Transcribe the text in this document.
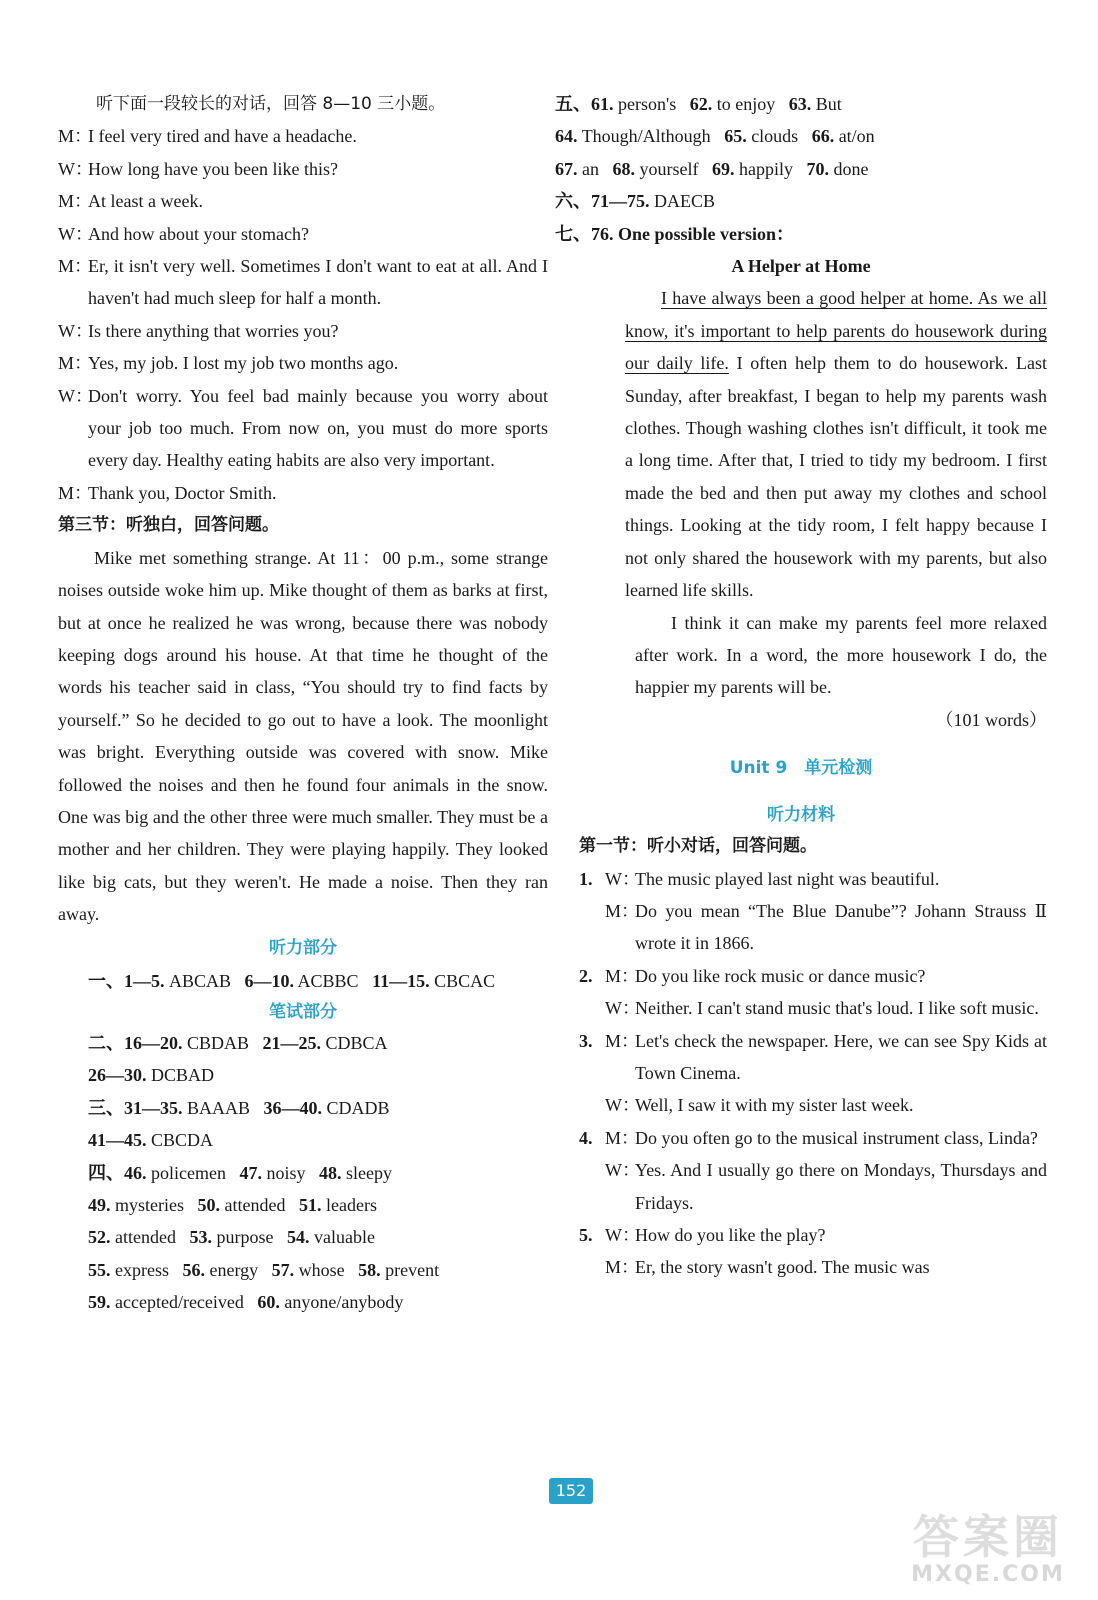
听下面一段较长的对话，回答 8—10 三小题。
M：
I feel very tired and have a headache.
W：
How long have you been like this?
M：
At least a week.
W：
And how about your stomach?
M：
Er, it isn't very well. Sometimes I don't want to eat at all. And I haven't had much sleep for half a month.
W：
Is there anything that worries you?
M：
Yes, my job. I lost my job two months ago.
W：
Don't worry. You feel bad mainly because you worry about your job too much. From now on, you must do more sports every day. Healthy eating habits are also very important.
M：
Thank you, Doctor Smith.
第三节：听独白，回答问题。
Mike met something strange. At 11：00 p.m., some strange noises outside woke him up. Mike thought of them as barks at first, but at once he realized he was wrong, because there was nobody keeping dogs around his house. At that time he thought of the words his teacher said in class, “You should try to find facts by yourself.” So he decided to go out to have a look. The moonlight was bright. Everything outside was covered with snow. Mike followed the noises and then he found four animals in the snow. One was big and the other three were much smaller. They must be a mother and her children. They were playing happily. They looked like big cats, but they weren't. He made a noise. Then they ran away.
听力部分
一、1—5. ABCAB 6—10. ACBBC 11—15. CBCAC
笔试部分
二、16—20. CBDAB 21—25. CDBCA
26—30. DCBAD
三、31—35. BAAAB 36—40. CDADB
41—45. CBCDA
四、46. policemen 47. noisy 48. sleepy
49. mysteries 50. attended 51. leaders
52. attended 53. purpose 54. valuable
55. express 56. energy 57. whose 58. prevent
59. accepted/received 60. anyone/anybody
五、61. person's 62. to enjoy 63. But
64. Though/Although 65. clouds 66. at/on
67. an 68. yourself 69. happily 70. done
六、71—75. DAECB
七、76. One possible version：
A Helper at Home
I have always been a good helper at home. As we all know, it's important to help parents do housework during our daily life. I often help them to do housework. Last Sunday, after breakfast, I began to help my parents wash clothes. Though washing clothes isn't difficult, it took me a long time. After that, I tried to tidy my bedroom. I first made the bed and then put away my clothes and school things. Looking at the tidy room, I felt happy because I not only shared the housework with my parents, but also learned life skills.
I think it can make my parents feel more relaxed after work. In a word, the more housework I do, the happier my parents will be.
（101 words）
Unit 9　单元检测
听力材料
第一节：听小对话，回答问题。
1. W：
The music played last night was beautiful.
M：
Do you mean “The Blue Danube”? Johann Strauss Ⅱ wrote it in 1866.
2. M：
Do you like rock music or dance music?
W：
Neither. I can't stand music that's loud. I like soft music.
3. M：
Let's check the newspaper. Here, we can see Spy Kids at Town Cinema.
W：
Well, I saw it with my sister last week.
4. M：
Do you often go to the musical instrument class, Linda?
W：
Yes. And I usually go there on Mondays, Thursdays and Fridays.
5. W：
How do you like the play?
M：
Er, the story wasn't good. The music was
152
答案圈
MXQE.COM
